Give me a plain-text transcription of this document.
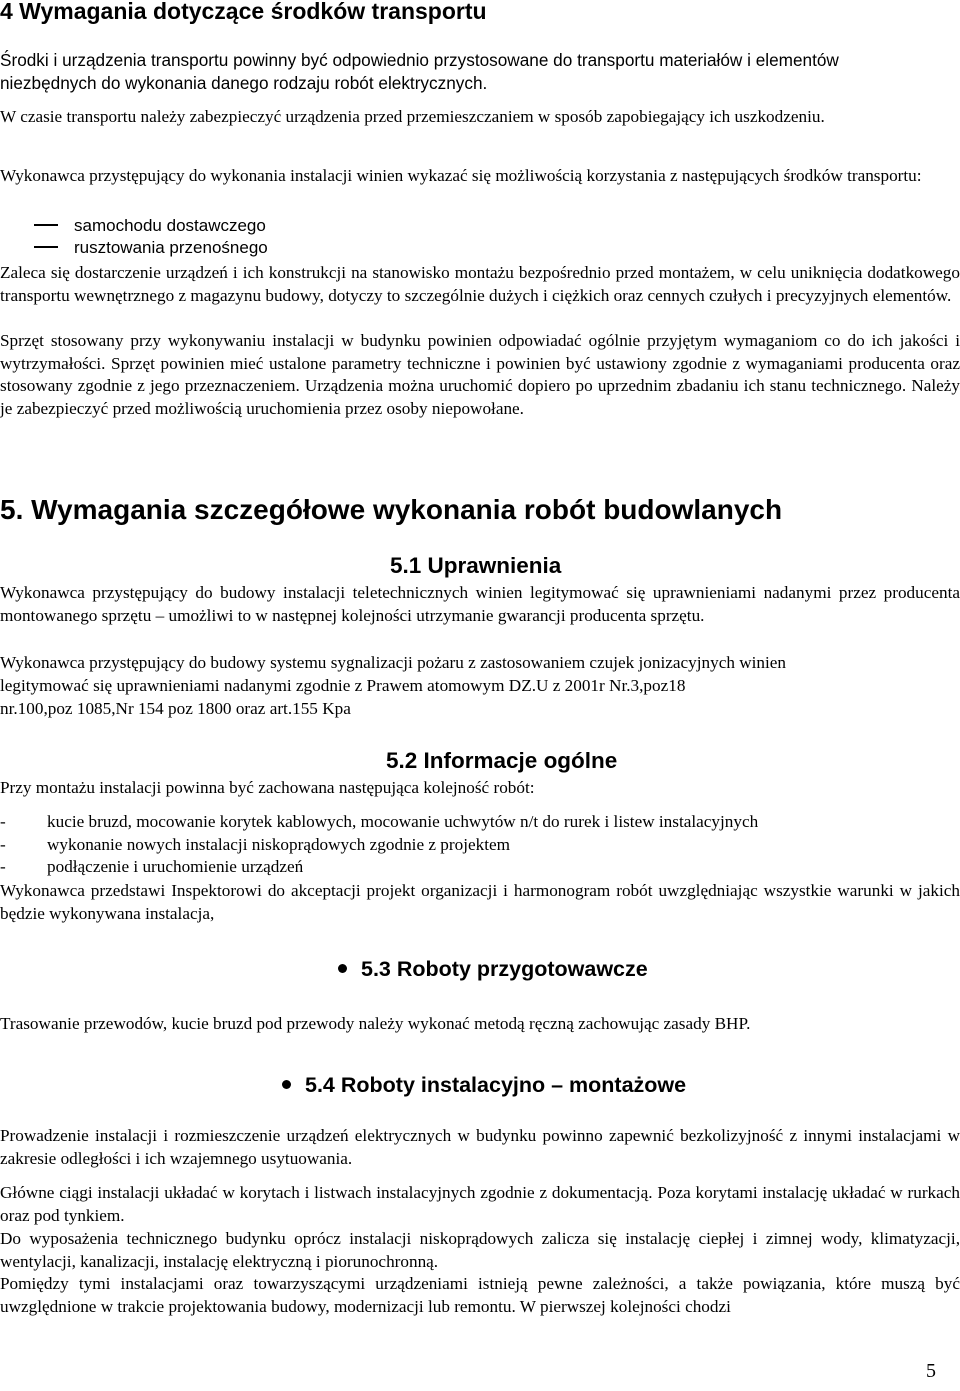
4 Wymagania dotyczące środków transportu

Środki i urządzenia transportu powinny być odpowiednio przystosowane do transportu materiałów i elementów niezbędnych do wykonania danego rodzaju robót elektrycznych.

W czasie transportu należy zabezpieczyć urządzenia przed przemieszczaniem w sposób zapobiegający ich uszkodzeniu.

Wykonawca przystępujący do wykonania instalacji winien wykazać się możliwością korzystania z następujących środków transportu:

samochodu dostawczego
rusztowania przenośnego

Zaleca się dostarczenie urządzeń i ich konstrukcji na stanowisko montażu bezpośrednio przed montażem, w celu uniknięcia dodatkowego transportu wewnętrznego z magazynu budowy, dotyczy to szczególnie dużych i ciężkich oraz cennych czułych i precyzyjnych elementów.

Sprzęt stosowany przy wykonywaniu instalacji w budynku powinien odpowiadać ogólnie przyjętym wymaganiom co do ich jakości i wytrzymałości. Sprzęt powinien mieć ustalone parametry techniczne i powinien być ustawiony zgodnie z wymaganiami producenta oraz stosowany zgodnie z jego przeznaczeniem. Urządzenia można uruchomić dopiero po uprzednim zbadaniu ich stanu technicznego. Należy je zabezpieczyć przed możliwością uruchomienia przez osoby niepowołane.

5. Wymagania szczegółowe wykonania robót budowlanych
5.1 Uprawnienia

Wykonawca przystępujący do budowy instalacji teletechnicznych winien legitymować się uprawnieniami nadanymi przez producenta montowanego sprzętu – umożliwi to w następnej kolejności utrzymanie gwarancji producenta sprzętu.

Wykonawca przystępujący do budowy systemu sygnalizacji pożaru z zastosowaniem czujek jonizacyjnych winien

legitymować się uprawnieniami nadanymi zgodnie z Prawem atomowym DZ.U z 2001r Nr.3,poz18

nr.100,poz 1085,Nr 154 poz 1800 oraz art.155 Kpa

5.2 Informacje ogólne

Przy montażu instalacji powinna być zachowana następująca kolejność robót:

- kucie bruzd, mocowanie korytek kablowych, mocowanie uchwytów n/t do rurek i listew instalacyjnych
- wykonanie nowych instalacji niskoprądowych zgodnie z projektem
- podłączenie i uruchomienie urządzeń

Wykonawca przedstawi Inspektorowi do akceptacji projekt organizacji i harmonogram robót uwzględniając wszystkie warunki w jakich będzie wykonywana instalacja,

5.3 Roboty przygotowawcze

Trasowanie przewodów, kucie bruzd pod przewody należy wykonać metodą ręczną zachowując zasady BHP.

5.4 Roboty instalacyjno – montażowe

Prowadzenie instalacji i rozmieszczenie urządzeń elektrycznych w budynku powinno zapewnić bezkolizyjność z innymi instalacjami w zakresie odległości i ich wzajemnego usytuowania.

Główne ciągi instalacji układać w korytach i listwach instalacyjnych zgodnie z dokumentacją. Poza korytami instalację układać w rurkach oraz pod tynkiem.

Do wyposażenia technicznego budynku oprócz instalacji niskoprądowych zalicza się instalację ciepłej i zimnej wody, klimatyzacji, wentylacji, kanalizacji, instalację elektryczną i piorunochronną.

Pomiędzy tymi instalacjami oraz towarzyszącymi urządzeniami istnieją pewne zależności, a także powiązania, które muszą być uwzględnione w trakcie projektowania budowy, modernizacji lub remontu. W pierwszej kolejności chodzi

5
